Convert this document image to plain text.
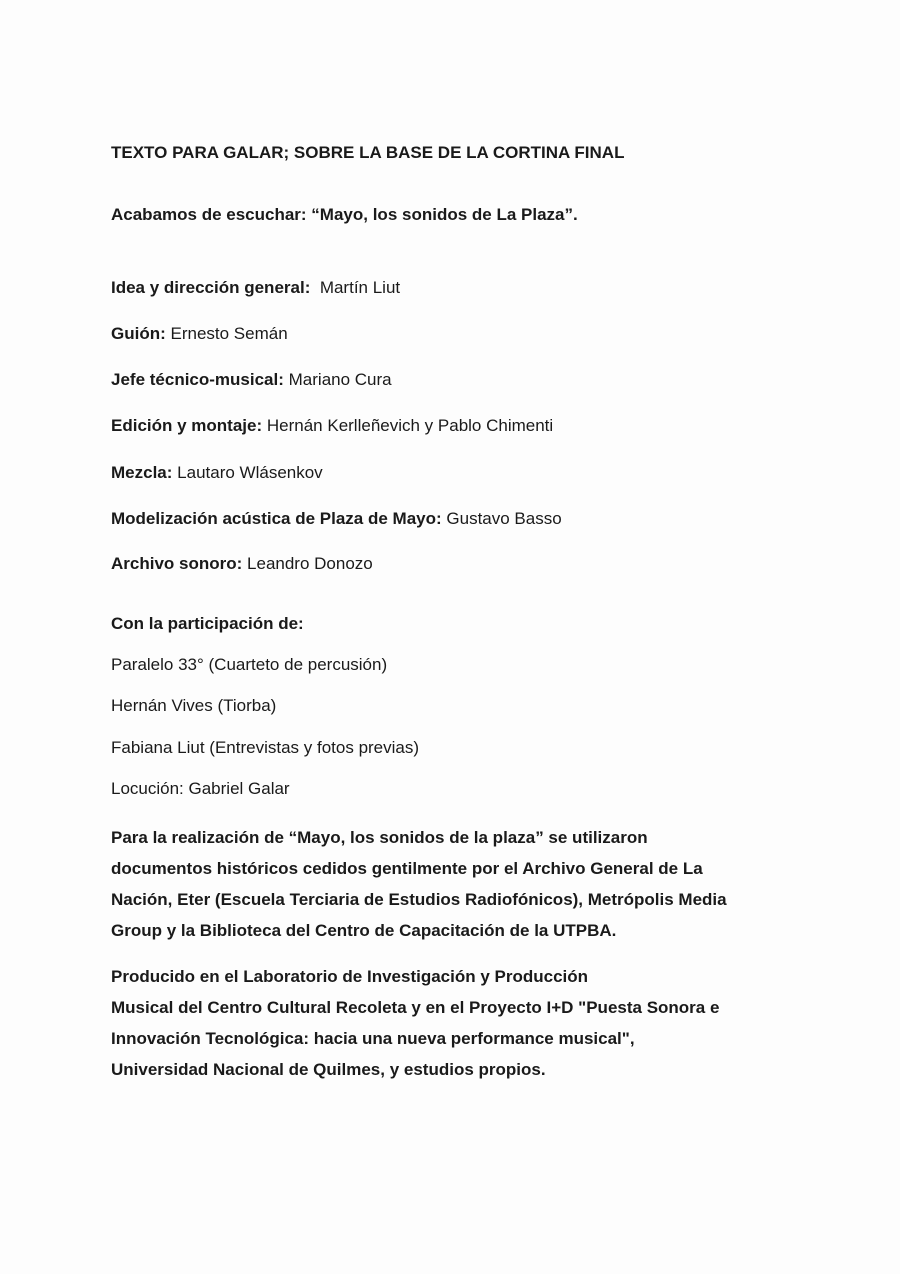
TEXTO PARA GALAR; SOBRE LA BASE DE LA CORTINA FINAL
Acabamos de escuchar: “Mayo, los sonidos de La Plaza”.
Idea y dirección general: Martín Liut
Guión: Ernesto Semán
Jefe técnico-musical: Mariano Cura
Edición y montaje: Hernán Kerlleñevich y Pablo Chimenti
Mezcla: Lautaro Wlásenkov
Modelización acústica de Plaza de Mayo: Gustavo Basso
Archivo sonoro: Leandro Donozo
Con la participación de:
Paralelo 33° (Cuarteto de percusión)
Hernán Vives (Tiorba)
Fabiana Liut (Entrevistas y fotos previas)
Locución: Gabriel Galar
Para la realización de “Mayo, los sonidos de la plaza” se utilizaron
documentos históricos cedidos gentilmente por el Archivo General de La
Nación, Eter (Escuela Terciaria de Estudios Radiofónicos), Metrópolis Media
Group y la Biblioteca del Centro de Capacitación de la UTPBA.
Producido en el Laboratorio de Investigación y Producción
Musical del Centro Cultural Recoleta y en el Proyecto I+D "Puesta Sonora e
Innovación Tecnológica: hacia una nueva performance musical",
Universidad Nacional de Quilmes, y estudios propios.
